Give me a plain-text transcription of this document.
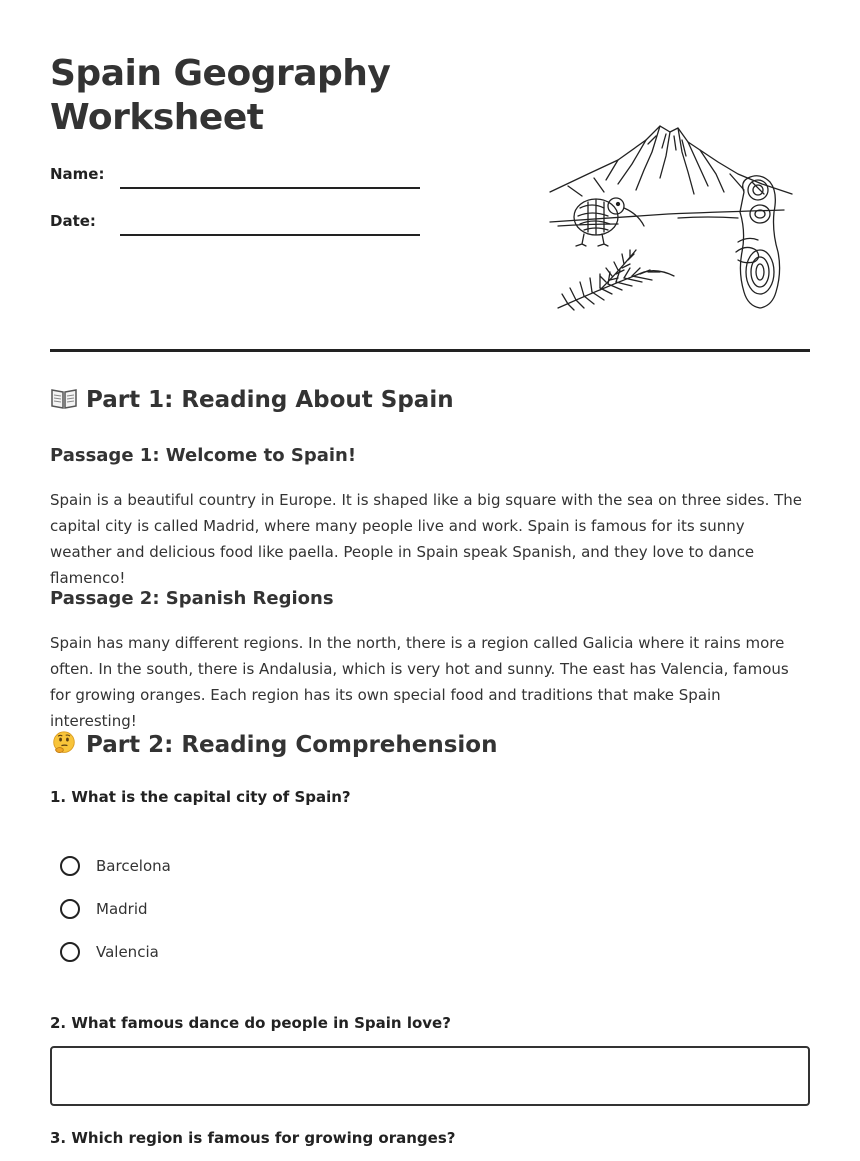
Spain Geography Worksheet
Name:
Date:
Part 1: Reading About Spain
Passage 1: Welcome to Spain!

Spain is a beautiful country in Europe. It is shaped like a big square with the sea on three sides. The capital city is called Madrid, where many people live and work. Spain is famous for its sunny weather and delicious food like paella. People in Spain speak Spanish, and they love to dance flamenco!

Passage 2: Spanish Regions

Spain has many different regions. In the north, there is a region called Galicia where it rains more often. In the south, there is Andalusia, which is very hot and sunny. The east has Valencia, famous for growing oranges. Each region has its own special food and traditions that make Spain interesting!

Part 2: Reading Comprehension

1. What is the capital city of Spain?

Barcelona
Madrid
Valencia

2. What famous dance do people in Spain love?

3. Which region is famous for growing oranges?
